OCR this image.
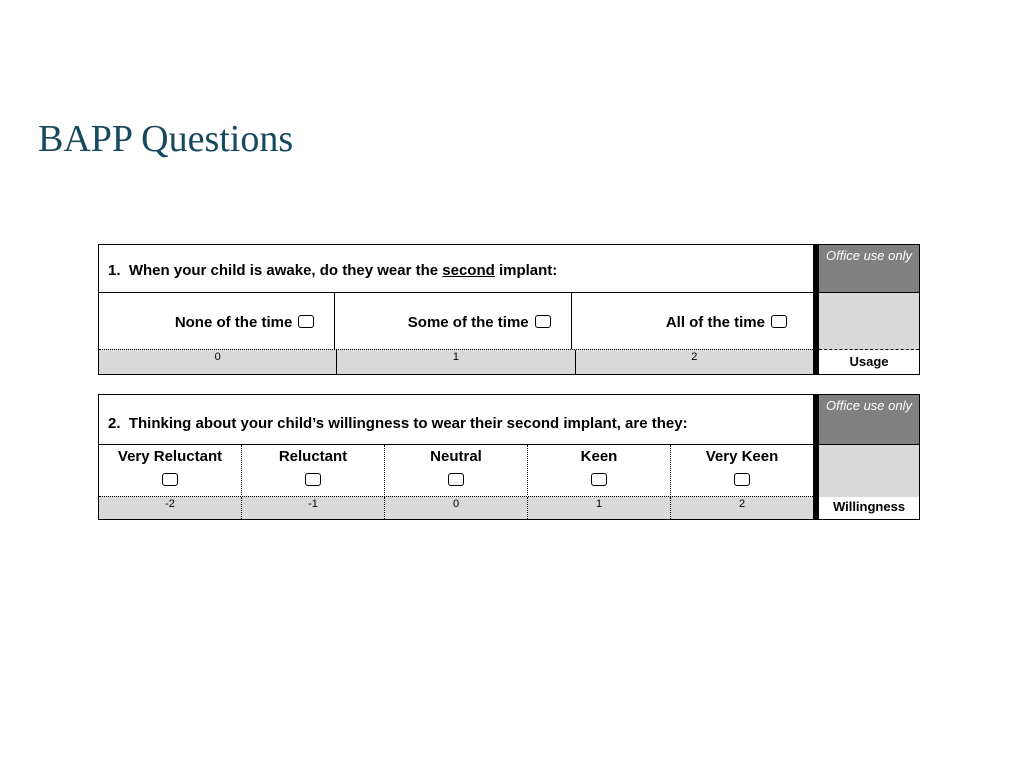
BAPP Questions
1. When your child is awake, do they wear the second implant:
None of the time	Some of the time	All of the time
0	1	2
Office use only
Usage
2. Thinking about your child’s willingness to wear their second implant, are they:
Very Reluctant	Reluctant	Neutral	Keen	Very Keen
-2	-1	0	1	2
Office use only
Willingness
